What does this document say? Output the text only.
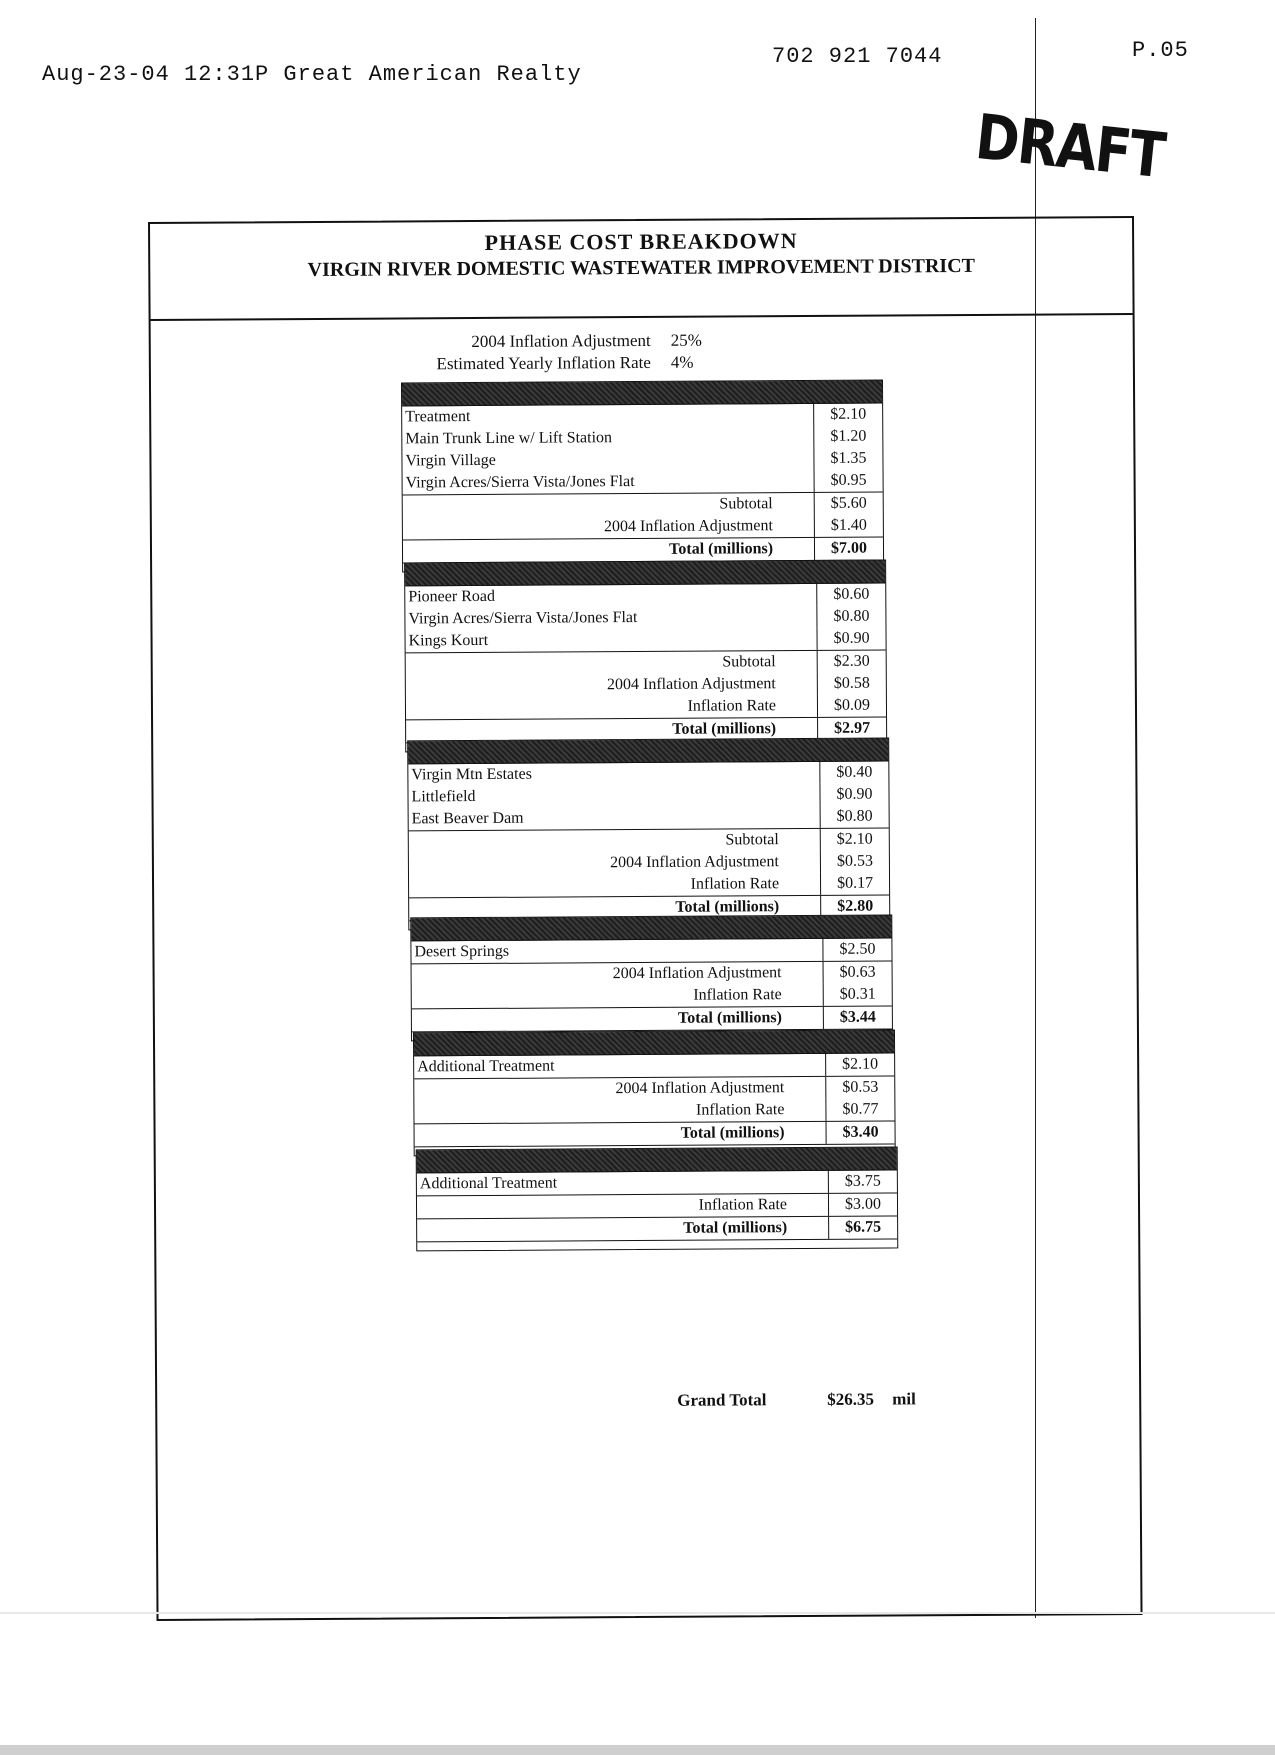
Aug-23-04 12:31P Great American Realty
702 921 7044	P.05
DRAFT
PHASE COST BREAKDOWN
VIRGIN RIVER DOMESTIC WASTEWATER IMPROVEMENT DISTRICT
2004 Inflation Adjustment 25%
Estimated Yearly Inflation Rate 4%
Treatment	$2.10
Main Trunk Line w/ Lift Station	$1.20
Virgin Village	$1.35
Virgin Acres/Sierra Vista/Jones Flat	$0.95
Subtotal	$5.60
2004 Inflation Adjustment	$1.40
Total (millions)	$7.00
Pioneer Road	$0.60
Virgin Acres/Sierra Vista/Jones Flat	$0.80
Kings Kourt	$0.90
Subtotal	$2.30
2004 Inflation Adjustment	$0.58
Inflation Rate	$0.09
Total (millions)	$2.97
Virgin Mtn Estates	$0.40
Littlefield	$0.90
East Beaver Dam	$0.80
Subtotal	$2.10
2004 Inflation Adjustment	$0.53
Inflation Rate	$0.17
Total (millions)	$2.80
Desert Springs	$2.50
2004 Inflation Adjustment	$0.63
Inflation Rate	$0.31
Total (millions)	$3.44
Additional Treatment	$2.10
2004 Inflation Adjustment	$0.53
Inflation Rate	$0.77
Total (millions)	$3.40
Additional Treatment	$3.75
Inflation Rate	$3.00
Total (millions)	$6.75
Grand Total	$26.35 mil
